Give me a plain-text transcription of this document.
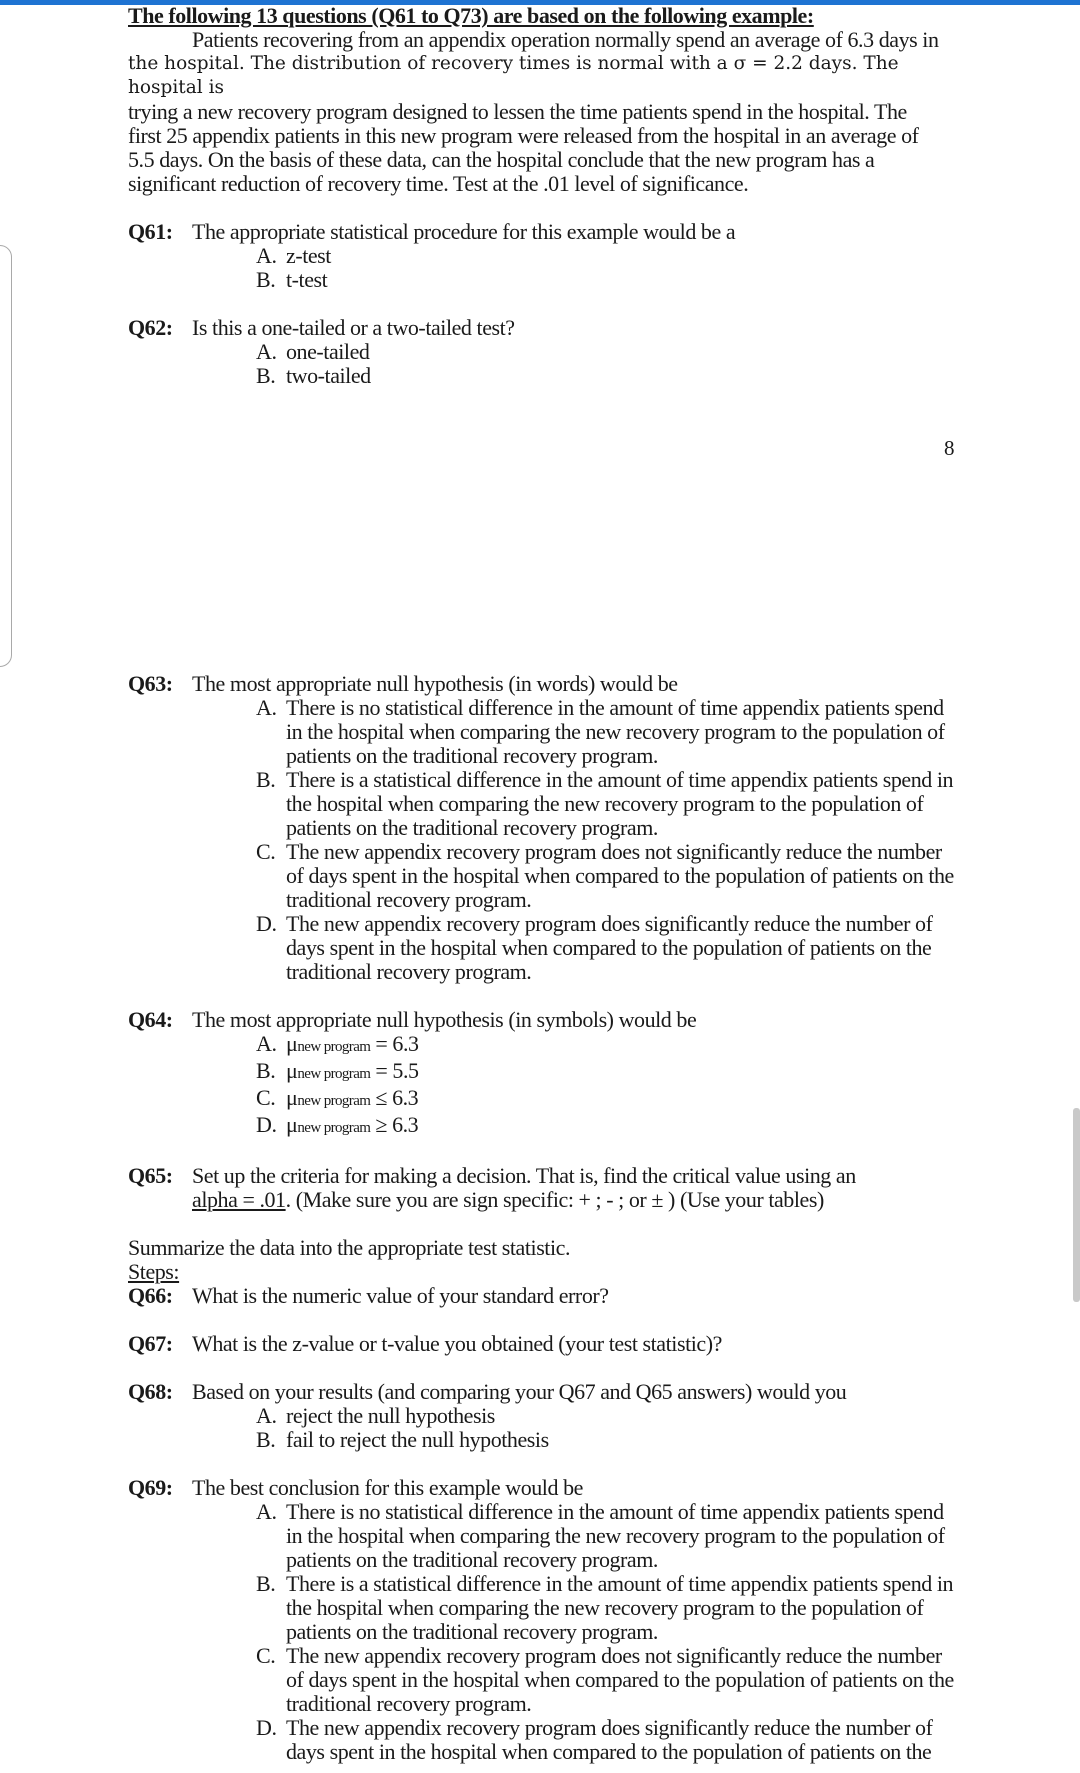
The following 13 questions (Q61 to Q73) are based on the following example:

Patients recovering from an appendix operation normally spend an average of 6.3 days in

the hospital. The distribution of recovery times is normal with a σ = 2.2 days. The hospital is

trying a new recovery program designed to lessen the time patients spend in the hospital. The

first 25 appendix patients in this new program were released from the hospital in an average of

5.5 days. On the basis of these data, can the hospital conclude that the new program has a

significant reduction of recovery time. Test at the .01 level of significance.

Q61: The appropriate statistical procedure for this example would be a
A. z-test
B. t-test
Q62: Is this a one-tailed or a two-tailed test?
A. one-tailed
B. two-tailed
8
Q63: The most appropriate null hypothesis (in words) would be
A. There is no statistical difference in the amount of time appendix patients spend in the hospital when comparing the new recovery program to the population of patients on the traditional recovery program.
B. There is a statistical difference in the amount of time appendix patients spend in the hospital when comparing the new recovery program to the population of patients on the traditional recovery program.
C. The new appendix recovery program does not significantly reduce the number of days spent in the hospital when compared to the population of patients on the traditional recovery program.
D. The new appendix recovery program does significantly reduce the number of days spent in the hospital when compared to the population of patients on the traditional recovery program.
Q64: The most appropriate null hypothesis (in symbols) would be
A. μnew program = 6.3
B. μnew program = 5.5
C. μnew program ≤ 6.3
D. μnew program ≥ 6.3
Q65: Set up the criteria for making a decision. That is, find the critical value using an
alpha = .01. (Make sure you are sign specific: + ; - ; or ± ) (Use your tables)

Summarize the data into the appropriate test statistic.

Steps:

Q66: What is the numeric value of your standard error?
Q67: What is the z-value or t-value you obtained (your test statistic)?
Q68: Based on your results (and comparing your Q67 and Q65 answers) would you
A. reject the null hypothesis
B. fail to reject the null hypothesis
Q69: The best conclusion for this example would be
A. There is no statistical difference in the amount of time appendix patients spend in the hospital when comparing the new recovery program to the population of patients on the traditional recovery program.
B. There is a statistical difference in the amount of time appendix patients spend in the hospital when comparing the new recovery program to the population of patients on the traditional recovery program.
C. The new appendix recovery program does not significantly reduce the number of days spent in the hospital when compared to the population of patients on the traditional recovery program.
D. The new appendix recovery program does significantly reduce the number of days spent in the hospital when compared to the population of patients on the
